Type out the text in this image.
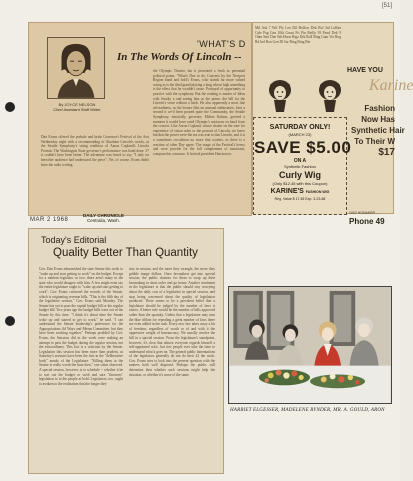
[51]
By JOYCE NELSON
Chief Assistant Staff Writer
'WHAT'S D
In The Words Of Lincoln --
Dan Evans offered the prelude and bride Governor's Festival of the Arts Wednesday night with a recommending of Abraham Lincoln's words, as the Seattle Symphony's string rendition of Aaron Copland's Lincoln Portrait. The Washington State governor's performance was hand done: 37 it couldn't have been better. The adventure was heard to say, "I only on hereafter audience had understood the piece". Yet, of course, Evans didn't have the radio writing.
the Olympic Theater, but it presented a fresh as perennial political poem, "What's Due to do. Concerts by the Newport Region band and hold's Evans, who stands far more valued acting as is the third grand playing a king whose high something is the effect that he wouldn't cause. Portrayal of opportunity to practice with the symphony. But the reading is master of Ideas with Smoky a and seeing him as the prime, the bill for the Lincoln's verse without a hitch. He also apparently a most fine ad-readiness, as the lecture film an unusual enthusiastic, here a second it we'd been poured quite the Community, the Seattle Symphony, musically, governor, Milton Katims, greeted a moment it would have rated Olympic's unctuous on band from the concert. Like Aaron Copland, whose chatter on the tone for experience of vision rules or the portrait of Lincoln, we knew but that the power were the era was true to that Lincoln, and it is a sometimes circulation no more that scatters, as there is a reaction of other Day agree. The usage of the Festival's heavy and were provide for the full complement of musicians, composed in a marsoo. It festival president Harrison to
DAILY CHRONICLE
Centralia, Wash.
Mil Ask 7 Wif Ply Lex Dil Hollow Dek Rol 3rd LoRan Cale Pag Gen 10th Grunt Fri Pin Reilly 93 Pearl Dek 9 Ohm Smr Den 9th Moon Rigz Drk Roll Ring Gam Ver Rog Rd Ind Bon Gen Dl Sar Ring Ring Bie
HAVE YOU
Karine
Fashion
Now Has
Synthetic Hair
To Their W
$17
1002 HONAKER ...
Phone 49
SATURDAY ONLY!
(MARCH 23)
SAVE $5.00
ON A
Synthetic Fashion
Curly Wig
(Only $12.45 with this Coupon)
KARINE'S FASHION WIG
Reg. Value $ 17.45 Exp. 3-23-68
MAR 2 1968
Today's Editorial
Quality Better Than Quantity
Gov. Dan Evans admonished the state Senate this week to "wake up and start getting to work" on the budget. Except for a random legislator or two, there aren't many in the state who would disagree with him. A few might even say the entire legislature ought to "wake up and start getting to work". Gov. Evans criticized the records of the Senate, which is originating revenue bills. "This is the fifth day of the legislative session," Gov. Evans said Monday. The Senate has yet to pass the capital budget bill or the regular budget bill. Two years ago the budget bills were out of the Senate by this time. "I think it's about time the Senate woke up and started to get to work," he said. "I can understand the Senate leadership's preference for the Appropriations Ad Ways and Means Committee, but they have been working together." Perhaps prodded by Gov. Evans, the Senators did in the week were making an attempt to pass the budget during the regular session, not the extraordinary. This fact is a criticism by the Senate. Legislation this session has been more than prudent, as Saturday's sessions have been the first in the "deliberative body" annals of the Legislature. "Killing them to the Senate is really worth the time then," one solon observed. A special session, however, is to schedule -- whether it be to sort out the budget or swift and sure "throwers" legislation to to the people at hold. Legislators, too, ought to awaken to the realization that the longer they
stay in session, and the more they wrangle, the more they gobble image dollars. Once lawmakers get into special session, the public clamors for them to wrap up their lawmaking in short order and go home. Another sentiment in the legislature is that the public should stay worrying about the daily cost of a legislative in special session, and stop being concerned about the quality of legislation produced. There seems to be a prevalent belief that a legislature should be judged by the number of laws it enacts. A better rule would be the number of bills approved rather than the quantity. Unless that a legislature may turn the blue ribbon for repealing a great number of laws there are even added in the rush. Every new law takes away a bit of freedom, regardless of worth or of and with it the oppressive weight of bureaucracy. We usually resolve the bill in a special session. From the legislature's standpoint, however, it's clear that almost everyone regards himself a self-appointed critic, but few people ever take the time to understand what it goes on. The general public lamentations of the legislators generally do not do their 42 the work. Gov. Evans tries to look into the present question with the matters both well disposed. Perhaps the public will determine then whether such sessions might help the situation, or whether it's more of the same.
HARRIET ELGESSER, MADELENE RYNDER, MR. A. GOULD, ARON
